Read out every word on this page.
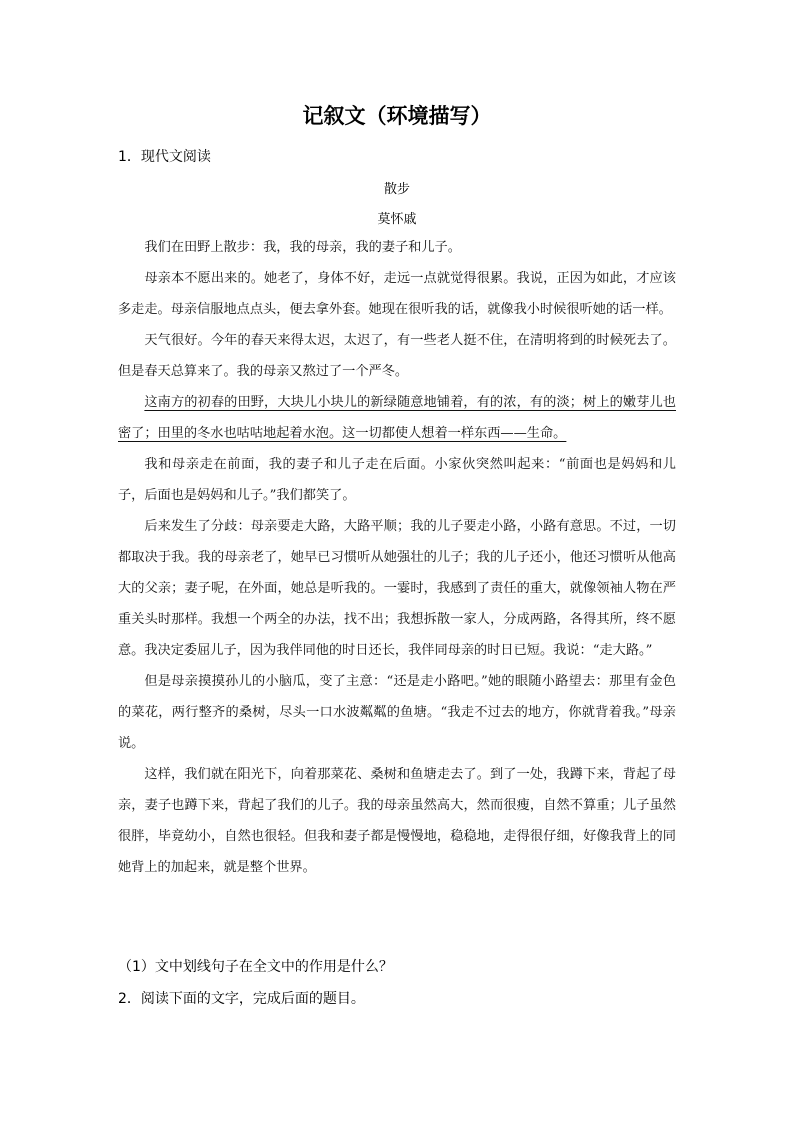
记叙文（环境描写）
1．现代文阅读
散步
莫怀戚

我们在田野上散步：我，我的母亲，我的妻子和儿子。

母亲本不愿出来的。她老了，身体不好，走远一点就觉得很累。我说，正因为如此，才应该多走走。母亲信服地点点头，便去拿外套。她现在很听我的话，就像我小时候很听她的话一样。

天气很好。今年的春天来得太迟，太迟了，有一些老人挺不住，在清明将到的时候死去了。但是春天总算来了。我的母亲又熬过了一个严冬。

这南方的初春的田野，大块儿小块儿的新绿随意地铺着，有的浓，有的淡；树上的嫩芽儿也密了；田里的冬水也咕咕地起着水泡。这一切都使人想着一样东西——生命。

我和母亲走在前面，我的妻子和儿子走在后面。小家伙突然叫起来：“前面也是妈妈和儿子，后面也是妈妈和儿子。”我们都笑了。

后来发生了分歧：母亲要走大路，大路平顺；我的儿子要走小路，小路有意思。不过，一切都取决于我。我的母亲老了，她早已习惯听从她强壮的儿子；我的儿子还小，他还习惯听从他高大的父亲；妻子呢，在外面，她总是听我的。一霎时，我感到了责任的重大，就像领袖人物在严重关头时那样。我想一个两全的办法，找不出；我想拆散一家人，分成两路，各得其所，终不愿意。我决定委屈儿子，因为我伴同他的时日还长，我伴同母亲的时日已短。我说：“走大路。”

但是母亲摸摸孙儿的小脑瓜，变了主意：“还是走小路吧。”她的眼随小路望去：那里有金色的菜花，两行整齐的桑树，尽头一口水波粼粼的鱼塘。“我走不过去的地方，你就背着我。”母亲说。

这样，我们就在阳光下，向着那菜花、桑树和鱼塘走去了。到了一处，我蹲下来，背起了母亲，妻子也蹲下来，背起了我们的儿子。我的母亲虽然高大，然而很瘦，自然不算重；儿子虽然很胖，毕竟幼小，自然也很轻。但我和妻子都是慢慢地，稳稳地，走得很仔细，好像我背上的同她背上的加起来，就是整个世界。

（1）文中划线句子在全文中的作用是什么？
2．阅读下面的文字，完成后面的题目。
